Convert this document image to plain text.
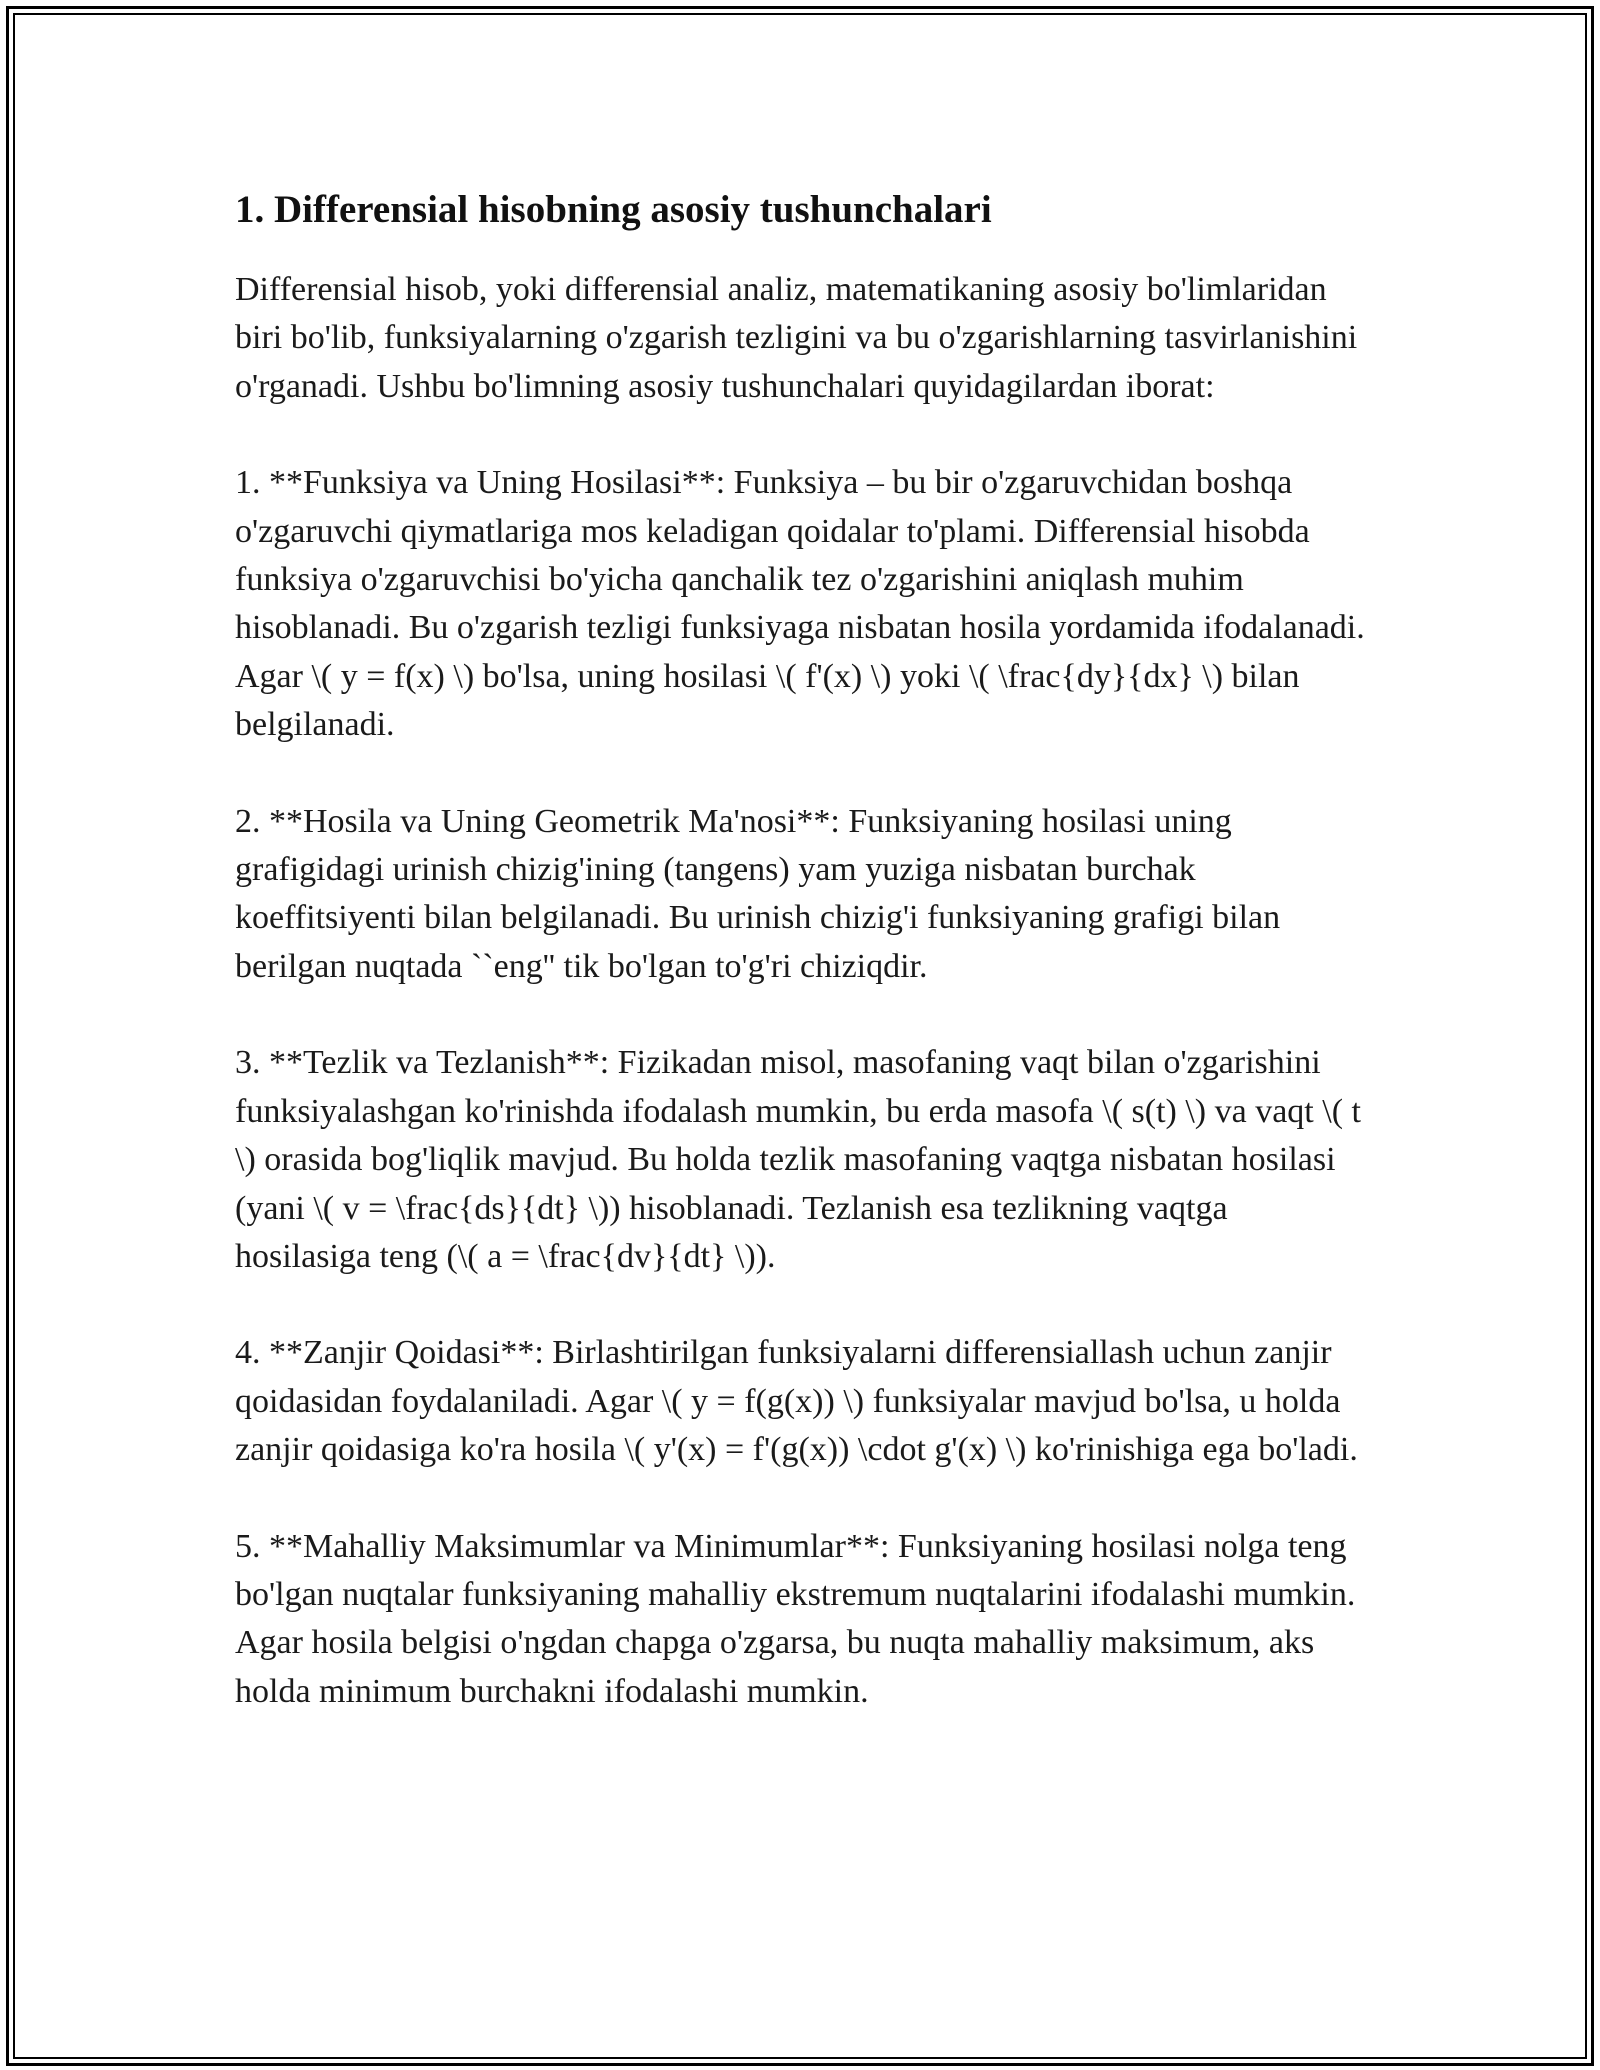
1. Differensial hisobning asosiy tushunchalari

Differensial hisob, yoki differensial analiz, matematikaning asosiy bo'limlaridan biri bo'lib, funksiyalarning o'zgarish tezligini va bu o'zgarishlarning tasvirlanishini o'rganadi. Ushbu bo'limning asosiy tushunchalari quyidagilardan iborat:

1. **Funksiya va Uning Hosilasi**: Funksiya – bu bir o'zgaruvchidan boshqa o'zgaruvchi qiymatlariga mos keladigan qoidalar to'plami. Differensial hisobda funksiya o'zgaruvchisi bo'yicha qanchalik tez o'zgarishini aniqlash muhim hisoblanadi. Bu o'zgarish tezligi funksiyaga nisbatan hosila yordamida ifodalanadi. Agar \( y = f(x) \) bo'lsa, uning hosilasi \( f'(x) \) yoki \( \frac{dy}{dx} \) bilan belgilanadi.

2. **Hosila va Uning Geometrik Ma'nosi**: Funksiyaning hosilasi uning grafigidagi urinish chizig'ining (tangens) yam yuziga nisbatan burchak koeffitsiyenti bilan belgilanadi. Bu urinish chizig'i funksiyaning grafigi bilan berilgan nuqtada ``eng'' tik bo'lgan to'g'ri chiziqdir.

3. **Tezlik va Tezlanish**: Fizikadan misol, masofaning vaqt bilan o'zgarishini funksiyalashgan ko'rinishda ifodalash mumkin, bu erda masofa \( s(t) \) va vaqt \( t \) orasida bog'liqlik mavjud. Bu holda tezlik masofaning vaqtga nisbatan hosilasi (yani \( v = \frac{ds}{dt} \)) hisoblanadi. Tezlanish esa tezlikning vaqtga hosilasiga teng (\( a = \frac{dv}{dt} \)).

4. **Zanjir Qoidasi**: Birlashtirilgan funksiyalarni differensiallash uchun zanjir qoidasidan foydalaniladi. Agar \( y = f(g(x)) \) funksiyalar mavjud bo'lsa, u holda zanjir qoidasiga ko'ra hosila \( y'(x) = f'(g(x)) \cdot g'(x) \) ko'rinishiga ega bo'ladi.

5. **Mahalliy Maksimumlar va Minimumlar**: Funksiyaning hosilasi nolga teng bo'lgan nuqtalar funksiyaning mahalliy ekstremum nuqtalarini ifodalashi mumkin. Agar hosila belgisi o'ngdan chapga o'zgarsa, bu nuqta mahalliy maksimum, aks holda minimum burchakni ifodalashi mumkin.
